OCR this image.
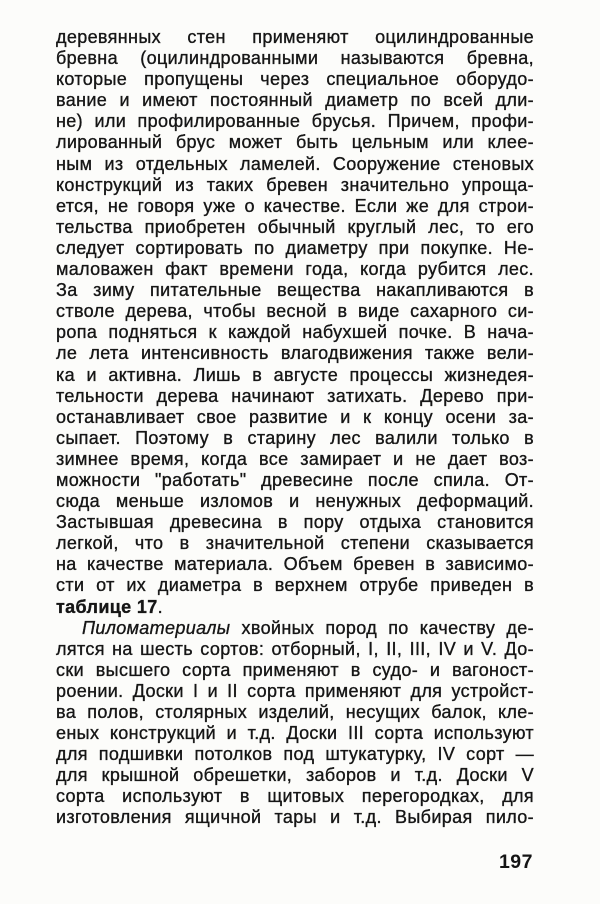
деревянных стен применяют оцилиндрованные
бревна (оцилиндрованными называются бревна,
которые пропущены через специальное оборудо-
вание и имеют постоянный диаметр по всей дли-
не) или профилированные брусья. Причем, профи-
лированный брус может быть цельным или клее-
ным из отдельных ламелей. Сооружение стеновых
конструкций из таких бревен значительно упроща-
ется, не говоря уже о качестве. Если же для строи-
тельства приобретен обычный круглый лес, то его
следует сортировать по диаметру при покупке. Не-
маловажен факт времени года, когда рубится лес.
За зиму питательные вещества накапливаются в
стволе дерева, чтобы весной в виде сахарного си-
ропа подняться к каждой набухшей почке. В нача-
ле лета интенсивность влагодвижения также вели-
ка и активна. Лишь в августе процессы жизнедея-
тельности дерева начинают затихать. Дерево при-
останавливает свое развитие и к концу осени за-
сыпает. Поэтому в старину лес валили только в
зимнее время, когда все замирает и не дает воз-
можности "работать" древесине после спила. От-
сюда меньше изломов и ненужных деформаций.
Застывшая древесина в пору отдыха становится
легкой, что в значительной степени сказывается
на качестве материала. Объем бревен в зависимо-
сти от их диаметра в верхнем отрубе приведен в
таблице 17.
Пиломатериалы хвойных пород по качеству де-
лятся на шесть сортов: отборный, I, II, III, IV и V. До-
ски высшего сорта применяют в судо- и вагоност-
роении. Доски I и II сорта применяют для устройст-
ва полов, столярных изделий, несущих балок, кле-
еных конструкций и т.д. Доски III сорта используют
для подшивки потолков под штукатурку, IV сорт —
для крышной обрешетки, заборов и т.д. Доски V
сорта используют в щитовых перегородках, для
изготовления ящичной тары и т.д. Выбирая пило-
197
